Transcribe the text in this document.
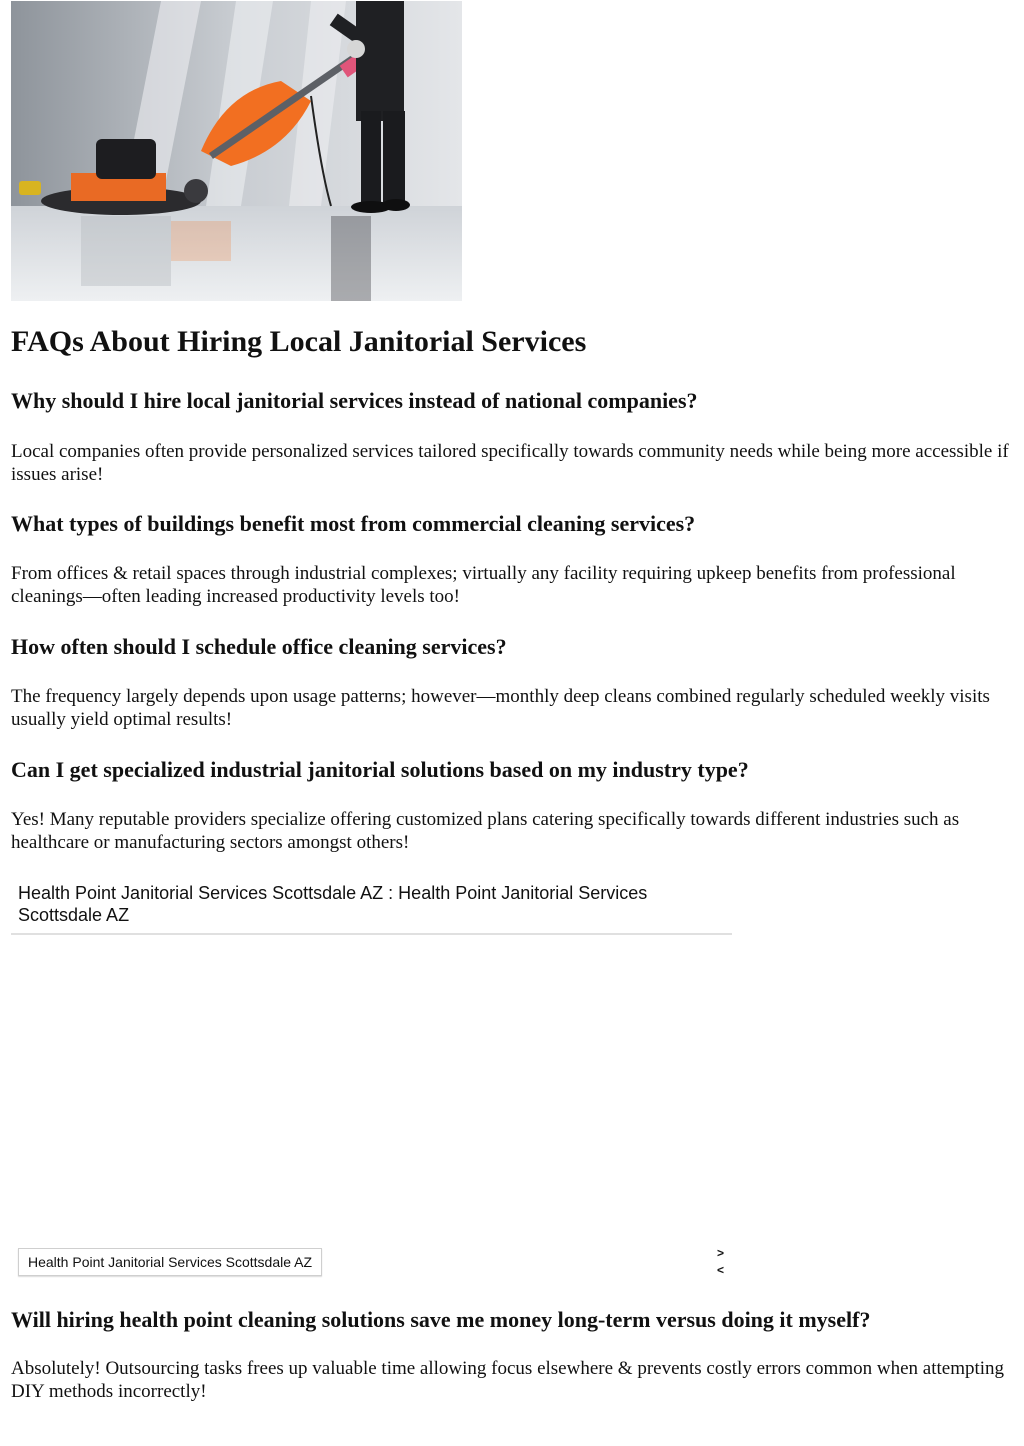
FAQs About Hiring Local Janitorial Services
Why should I hire local janitorial services instead of national companies?

Local companies often provide personalized services tailored specifically towards community needs while being more accessible if issues arise!

What types of buildings benefit most from commercial cleaning services?

From offices & retail spaces through industrial complexes; virtually any facility requiring upkeep benefits from professional cleanings—often leading increased productivity levels too!

How often should I schedule office cleaning services?

The frequency largely depends upon usage patterns; however—monthly deep cleans combined regularly scheduled weekly visits usually yield optimal results!

Can I get specialized industrial janitorial solutions based on my industry type?

Yes! Many reputable providers specialize offering customized plans catering specifically towards different industries such as healthcare or manufacturing sectors amongst others!

Health Point Janitorial Services Scottsdale AZ : Health Point Janitorial Services Scottsdale AZ

Health Point Janitorial Services Scottsdale AZ
>
<
Will hiring health point cleaning solutions save me money long-term versus doing it myself?

Absolutely! Outsourcing tasks frees up valuable time allowing focus elsewhere & prevents costly errors common when attempting DIY methods incorrectly!
